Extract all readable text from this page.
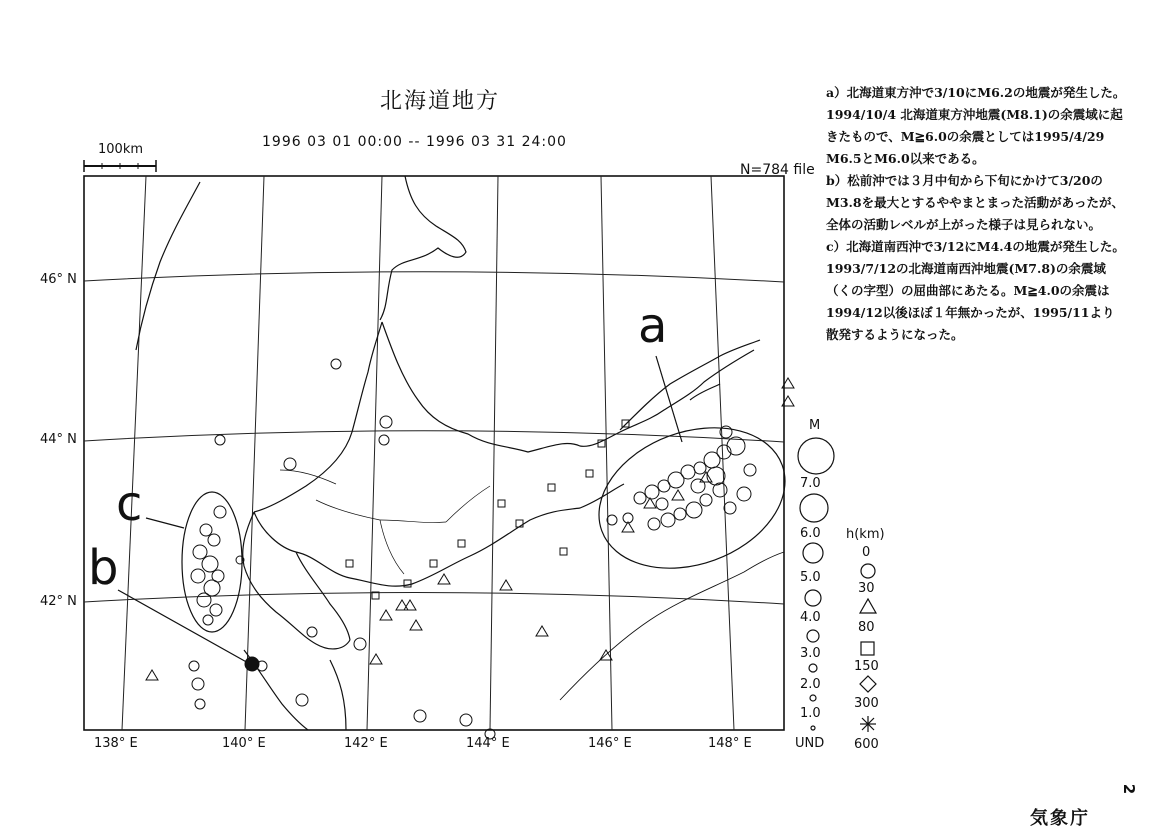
北海道地方
1996 03 01 00:00 -- 1996 03 31 24:00
N=784 file
100km
46° N
44° N
42° N
138° E	140° E	142° E	144° E	146° E	148° E
a
b
c

a）北海道東方沖で3/10にM6.2の地震が発生した。1994/10/4 北海道東方沖地震(M8.1)の余震域に起きたもので、M≧6.0の余震としては1995/4/29 M6.5とM6.0以来である。

b）松前沖では３月中旬から下旬にかけて3/20のM3.8を最大とするややまとまった活動があったが、全体の活動レベルが上がった様子は見られない。

c）北海道南西沖で3/12にM4.4の地震が発生した。1993/7/12の北海道南西沖地震(M7.8)の余震域（くの字型）の屈曲部にあたる。M≧4.0の余震は1994/12以後ほぼ１年無かったが、1995/11より散発するようになった。

M
7.0
6.0
5.0
4.0
3.0
2.0
1.0
UND
h(km)
0
30
80
150
300
600
気象庁
2
